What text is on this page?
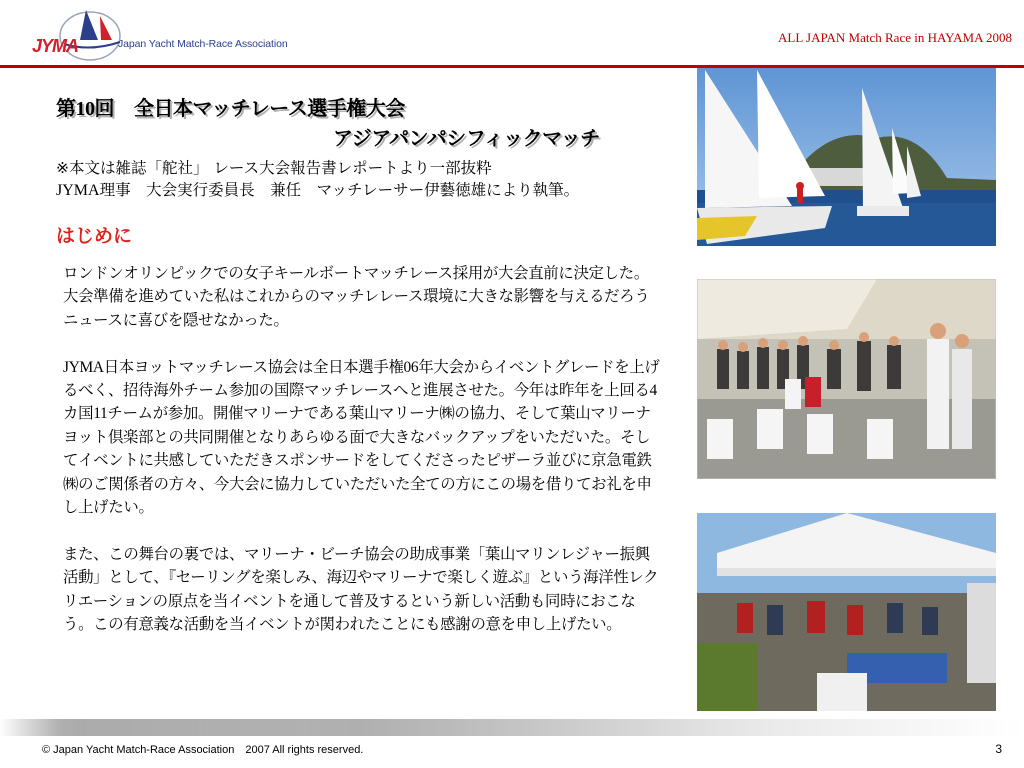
JYMA	Japan Yacht Match-Race Association	ALL JAPAN Match Race in HAYAMA 2008
第10回 全日本マッチレース選手権大会
アジアパンパシフィックマッチ
※本文は雑誌「舵社」 レース大会報告書レポートより一部抜粋
JYMA理事　大会実行委員長　兼任　マッチレーサー伊藝徳雄により執筆。
はじめに

ロンドンオリンピックでの女子キールボートマッチレース採用が大会直前に決定した。大会準備を進めていた私はこれからのマッチレレース環境に大きな影響を与えるだろうニュースに喜びを隠せなかった。

JYMA日本ヨットマッチレース協会は全日本選手権06年大会からイベントグレードを上げるべく、招待海外チーム参加の国際マッチレースへと進展させた。今年は昨年を上回る4カ国11チームが参加。開催マリーナである葉山マリーナ㈱の協力、そして葉山マリーナヨット倶楽部との共同開催となりあらゆる面で大きなバックアップをいただいた。そしてイベントに共感していただきスポンサードをしてくださったピザーラ並びに京急電鉄㈱のご関係者の方々、今大会に協力していただいた全ての方にこの場を借りてお礼を申し上げたい。

また、この舞台の裏では、マリーナ・ビーチ協会の助成事業「葉山マリンレジャー振興活動」として、『セーリングを楽しみ、海辺やマリーナで楽しく遊ぶ』という海洋性レクリエーションの原点を当イベントを通して普及するという新しい活動も同時におこなう。この有意義な活動を当イベントが関われたことにも感謝の意を申し上げたい。

© Japan Yacht Match-Race Association　2007 All rights reserved.	3
